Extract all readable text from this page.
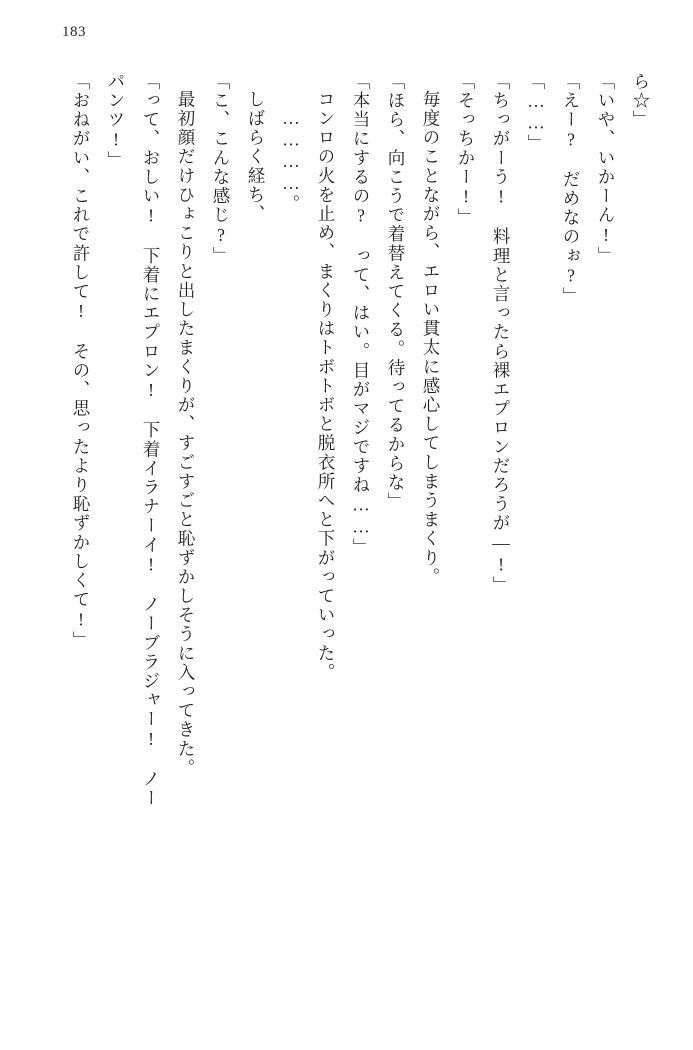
183
ら☆」
「いや、いかーん!」
「えー?　だめなのぉ?」
「……」
「ちっがーう!　料理と言ったら裸エプロンだろうが—!」
「そっちかー!」
毎度のことながら、エロい貫太に感心してしまうまくり。
「ほら、向こうで着替えてくる。待ってるからな」
「本当にするの?　って、はい。目がマジですね……」
コンロの火を止め、まくりはトボトボと脱衣所へと下がっていった。
…………。
しばらく経ち、
「こ、こんな感じ?」
最初顔だけひょこりと出したまくりが、すごすごと恥ずかしそうに入ってきた。
「って、おしい!　下着にエプロン!　下着イラナーイ!　ノーブラジャー!　ノー
パンツ!」
「おねがい、これで許して!　その、思ったより恥ずかしくて!」
